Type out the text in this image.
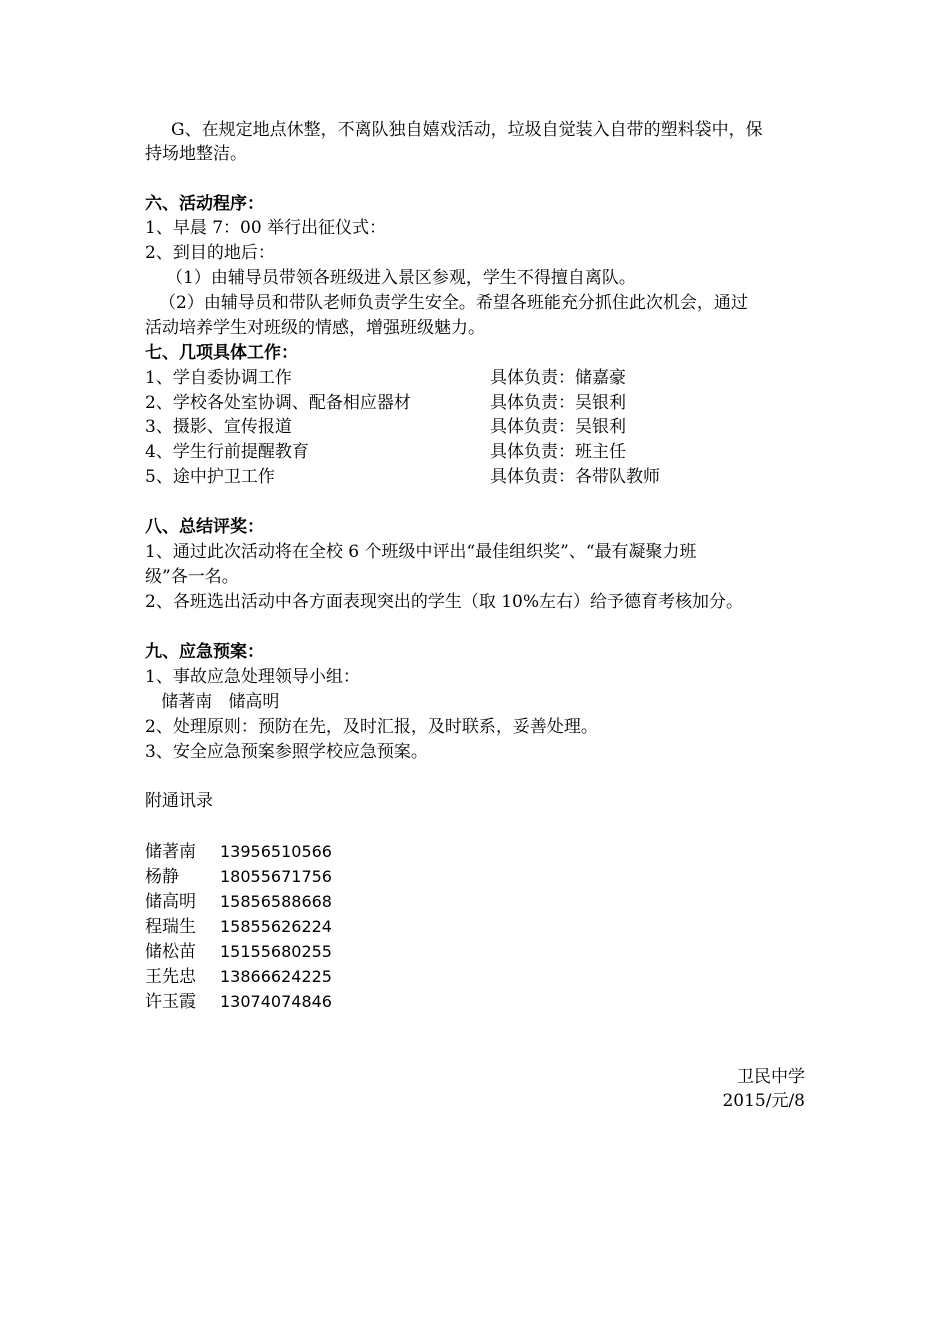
G、在规定地点休整，不离队独自嬉戏活动，垃圾自觉装入自带的塑料袋中，保
持场地整洁。
六、活动程序：
1、早晨 7：00 举行出征仪式：
2、到目的地后：
（1）由辅导员带领各班级进入景区参观，学生不得擅自离队。
（2）由辅导员和带队老师负责学生安全。希望各班能充分抓住此次机会，通过
活动培养学生对班级的情感，增强班级魅力。
七、几项具体工作：
1、学自委协调工作	具体负责：储嘉豪
2、学校各处室协调、配备相应器材	具体负责：吴银利
3、摄影、宣传报道	具体负责：吴银利
4、学生行前提醒教育	具体负责：班主任
5、途中护卫工作	具体负责：各带队教师
八、总结评奖：
1、通过此次活动将在全校 6 个班级中评出“最佳组织奖”、“最有凝聚力班
级”各一名。
2、各班选出活动中各方面表现突出的学生（取 10%左右）给予德育考核加分。
九、应急预案：
1、事故应急处理领导小组：
储著南   储高明
2、处理原则：预防在先，及时汇报，及时联系，妥善处理。
3、安全应急预案参照学校应急预案。
附通讯录
储著南 13956510566
杨静	18055671756
储高明 15856588668
程瑞生 15855626224
储松苗 15155680255
王先忠 13866624225
许玉霞 13074074846
卫民中学
2015/元/8
